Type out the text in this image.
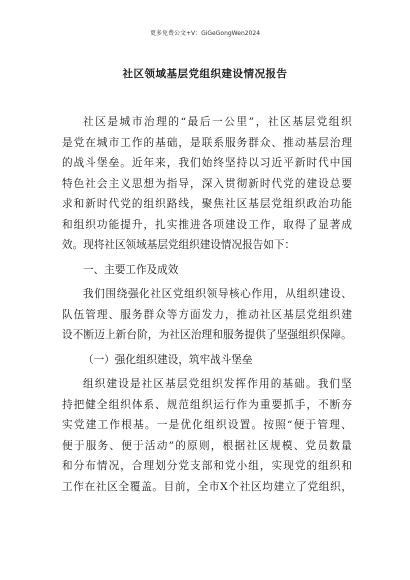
更多免费公文+V：GiGeGongWen2024
社区领域基层党组织建设情况报告
社 区 是 城 市 治 理 的 “ 最 后 一 公 里 ” ， 社 区 基 层 党 组 织
是 党 在 城 市 工 作 的 基 础 ， 是 联 系 服 务 群 众 、 推 动 基 层 治 理
的 战 斗 堡 垒 。 近 年 来 ， 我 们 始 终 坚 持 以 习 近 平 新 时 代 中 国
特 色 社 会 主 义 思 想 为 指 导 ， 深 入 贯 彻 新 时 代 党 的 建 设 总 要
求 和 新 时 代 党 的 组 织 路 线 ， 聚 焦 社 区 基 层 党 组 织 政 治 功 能
和 组 织 功 能 提 升 ， 扎 实 推 进 各 项 建 设 工 作 ， 取 得 了 显 著 成
效。现将社区领域基层党组织建设情况报告如下：
一、主要工作及成效
我 们 围 绕 强 化 社 区 党 组 织 领 导 核 心 作 用 ， 从 组 织 建 设 、
队 伍 管 理 、 服 务 群 众 等 方 面 发 力 ， 推 动 社 区 基 层 党 组 织 建
设 不 断 迈 上 新 台 阶 ， 为 社 区 治 理 和 服 务 提 供 了 坚 强 组 织 保 障 。
（一）强化组织建设，筑牢战斗堡垒
组 织 建 设 是 社 区 基 层 党 组 织 发 挥 作 用 的 基 础 。 我 们 坚
持 把 健 全 组 织 体 系 、 规 范 组 织 运 行 作 为 重 要 抓 手 ， 不 断 夯
实 党 建 工 作 根 基 。 一 是 优 化 组 织 设 置 。 按 照 “ 便 于 管 理 、
便 于 服 务 、 便 于 活 动 ” 的 原 则 ， 根 据 社 区 规 模 、 党 员 数 量
和 分 布 情 况 ， 合 理 划 分 党 支 部 和 党 小 组 ， 实 现 党 的 组 织 和
工 作 在 社 区 全 覆 盖 。 目 前 ， 全 市 X 个 社 区 均 建 立 了 党 组 织 ，
